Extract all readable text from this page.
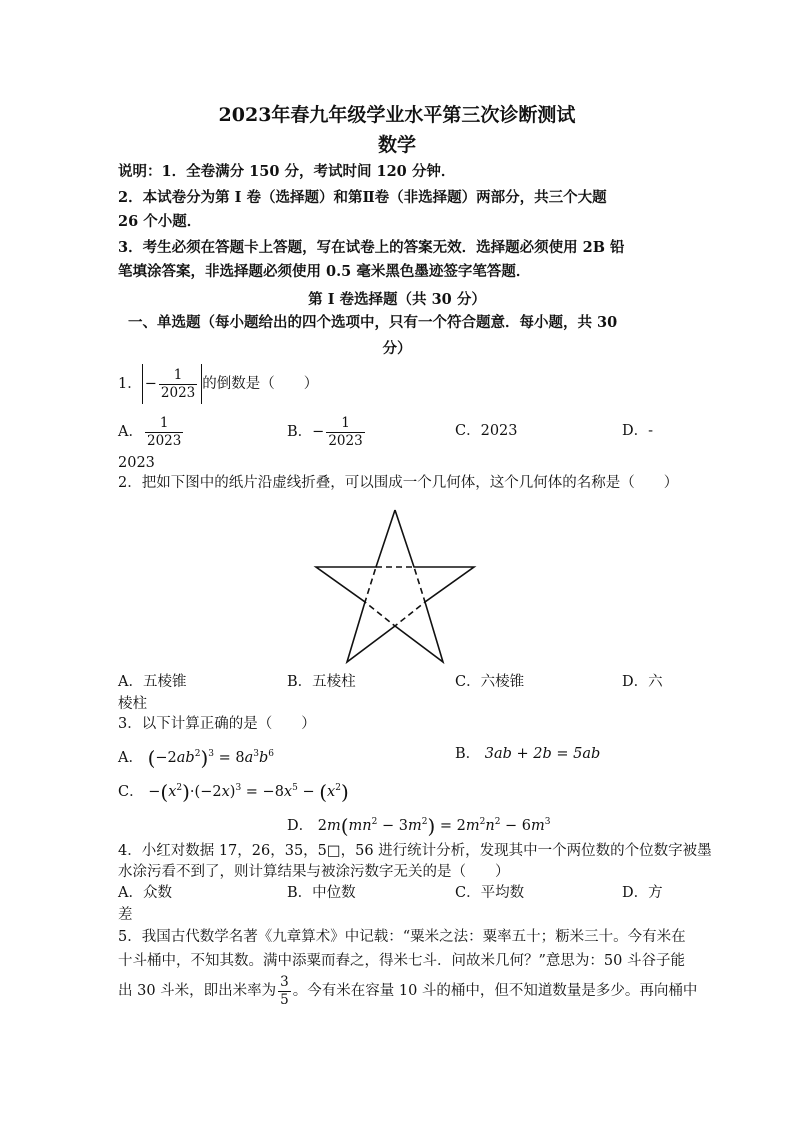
2023年春九年级学业水平第三次诊断测试
数学
说明：1．全卷满分 150 分，考试时间 120 分钟．
2．本试卷分为第 I 卷（选择题）和第Ⅱ卷（非选择题）两部分，共三个大题
26 个小题．
3．考生必须在答题卡上答题，写在试卷上的答案无效．选择题必须使用 2B 铅
笔填涂答案，非选择题必须使用 0.5 毫米黑色墨迹签字笔答题．
第 I 卷选择题（共 30 分）
一、单选题（每小题给出的四个选项中，只有一个符合题意．每小题，共 30
分）
1． − $\frac{1}{2023}$ 的倒数是（　　）
A． $\frac{1}{2023}$	B． − $\frac{1}{2023}$	C．2023	D．-
2023
2．把如下图中的纸片沿虚线折叠，可以围成一个几何体，这个几何体的名称是（　　）
A．五棱锥	B．五棱柱	C．六棱锥	D．六
棱柱
3．以下计算正确的是（　　）
A． $(-2ab^2)^3 = 8a^3b^6$	B． 3ab + 2b = 5ab
C． $-(x^2)\cdot(-2x)^3 = -8x^5 - (x^2)$
D． $2m(mn^2 - 3m^2) = 2m^2n^2 - 6m^3$
4．小红对数据 17，26，35，5□，56 进行统计分析，发现其中一个两位数的个位数字被墨
水涂污看不到了，则计算结果与被涂污数字无关的是（　　）
A．众数	B．中位数	C．平均数	D．方
差
5．我国古代数学名著《九章算术》中记载：“粟米之法：粟率五十；粝米三十。今有米在
十斗桶中，不知其数。满中添粟而舂之，得米七斗．问故米几何？”意思为：50 斗谷子能
出 30 斗米，即出米率为 $\frac{3}{5}$ 。今有米在容量 10 斗的桶中，但不知道数量是多少。再向桶中
